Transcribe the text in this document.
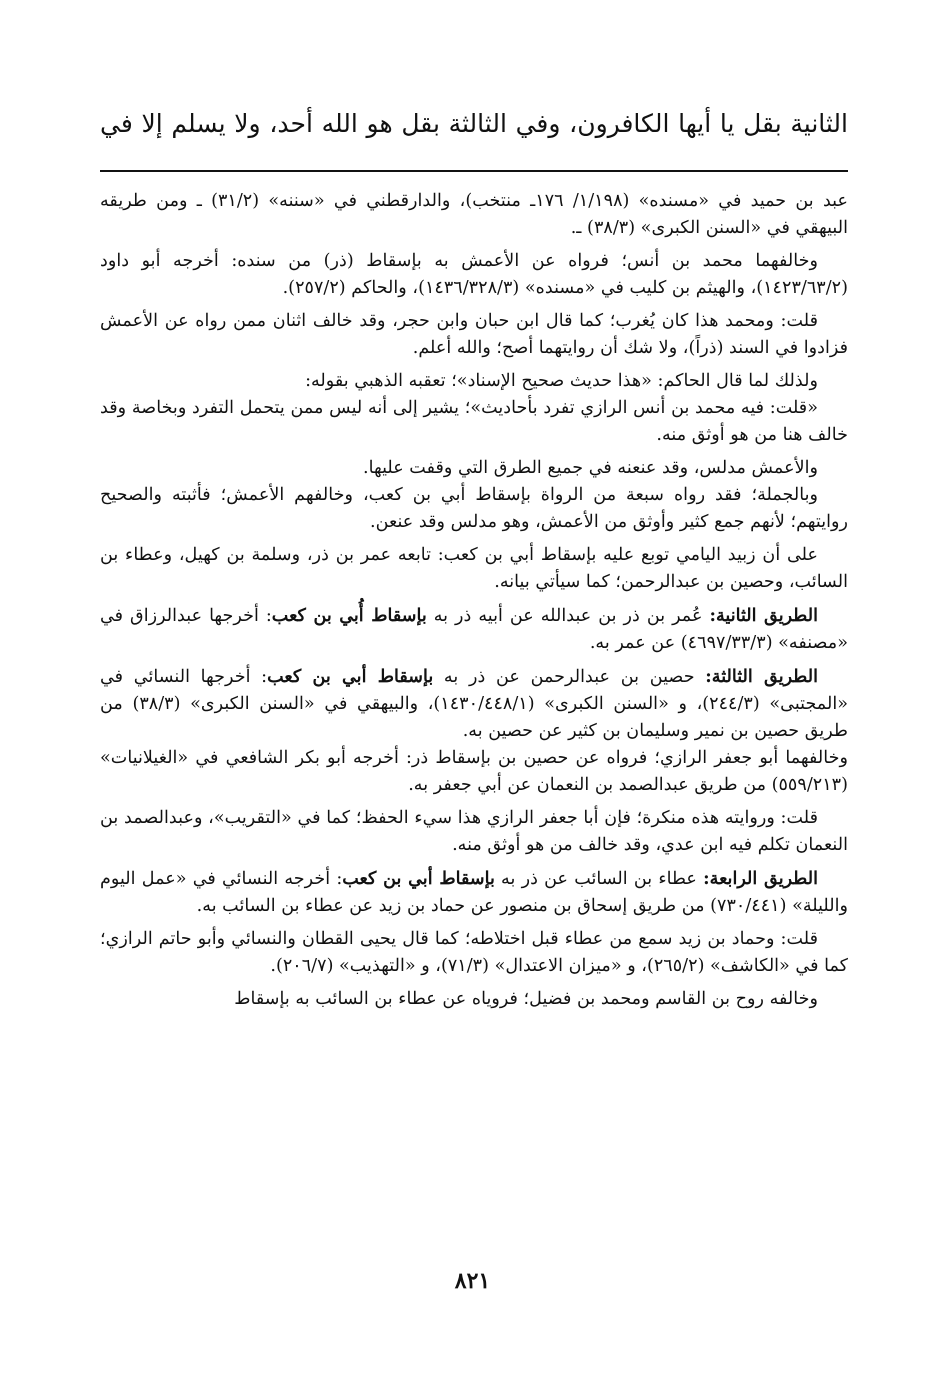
الثانية بقل يا أيها الكافرون، وفي الثالثة بقل هو الله أحد، ولا يسلم إلا في

عبد بن حميد في «مسنده» (١/١٩٨/ ١٧٦ـ منتخب)، والدارقطني في «سننه» (٣١/٢) ـ ومن طريقه البيهقي في «السنن الكبرى» (٣٨/٣) ـ.

وخالفهما محمد بن أنس؛ فرواه عن الأعمش به بإسقاط (ذر) من سنده: أخرجه أبو داود (١٤٢٣/٦٣/٢)، والهيثم بن كليب في «مسنده» (١٤٣٦/٣٢٨/٣)، والحاكم (٢٥٧/٢).

قلت: ومحمد هذا كان يُغرب؛ كما قال ابن حبان وابن حجر، وقد خالف اثنان ممن رواه عن الأعمش فزادوا في السند (ذراً)، ولا شك أن روايتهما أصح؛ والله أعلم.

ولذلك لما قال الحاكم: «هذا حديث صحيح الإسناد»؛ تعقبه الذهبي بقوله:

«قلت: فيه محمد بن أنس الرازي تفرد بأحاديث»؛ يشير إلى أنه ليس ممن يتحمل التفرد وبخاصة وقد خالف هنا من هو أوثق منه.

والأعمش مدلس، وقد عنعنه في جميع الطرق التي وقفت عليها.

وبالجملة؛ فقد رواه سبعة من الرواة بإسقاط أبي بن كعب، وخالفهم الأعمش؛ فأثبته والصحيح روايتهم؛ لأنهم جمع كثير وأوثق من الأعمش، وهو مدلس وقد عنعن.

على أن زبيد اليامي توبع عليه بإسقاط أبي بن كعب: تابعه عمر بن ذر، وسلمة بن كهيل، وعطاء بن السائب، وحصين بن عبدالرحمن؛ كما سيأتي بيانه.

الطريق الثانية: عُمر بن ذر بن عبدالله عن أبيه ذر به بإسقاط أُبي بن كعب: أخرجها عبدالرزاق في «مصنفه» (٤٦٩٧/٣٣/٣) عن عمر به.

الطريق الثالثة: حصين بن عبدالرحمن عن ذر به بإسقاط أبي بن كعب: أخرجها النسائي في «المجتبى» (٢٤٤/٣)، و «السنن الكبرى» (١٤٣٠/٤٤٨/١)، والبيهقي في «السنن الكبرى» (٣٨/٣) من طريق حصين بن نمير وسليمان بن كثير عن حصين به.

وخالفهما أبو جعفر الرازي؛ فرواه عن حصين بن بإسقاط ذر: أخرجه أبو بكر الشافعي في «الغيلانيات» (٥٥٩/٢١٣) من طريق عبدالصمد بن النعمان عن أبي جعفر به.

قلت: وروايته هذه منكرة؛ فإن أبا جعفر الرازي هذا سيء الحفظ؛ كما في «التقريب»، وعبدالصمد بن النعمان تكلم فيه ابن عدي، وقد خالف من هو أوثق منه.

الطريق الرابعة: عطاء بن السائب عن ذر به بإسقاط أبي بن كعب: أخرجه النسائي في «عمل اليوم والليلة» (٧٣٠/٤٤١) من طريق إسحاق بن منصور عن حماد بن زيد عن عطاء بن السائب به.

قلت: وحماد بن زيد سمع من عطاء قبل اختلاطه؛ كما قال يحيى القطان والنسائي وأبو حاتم الرازي؛ كما في «الكاشف» (٢٦٥/٢)، و «ميزان الاعتدال» (٧١/٣)، و «التهذيب» (٢٠٦/٧).

وخالفه روح بن القاسم ومحمد بن فضيل؛ فروياه عن عطاء بن السائب به بإسقاط

٨٢١
